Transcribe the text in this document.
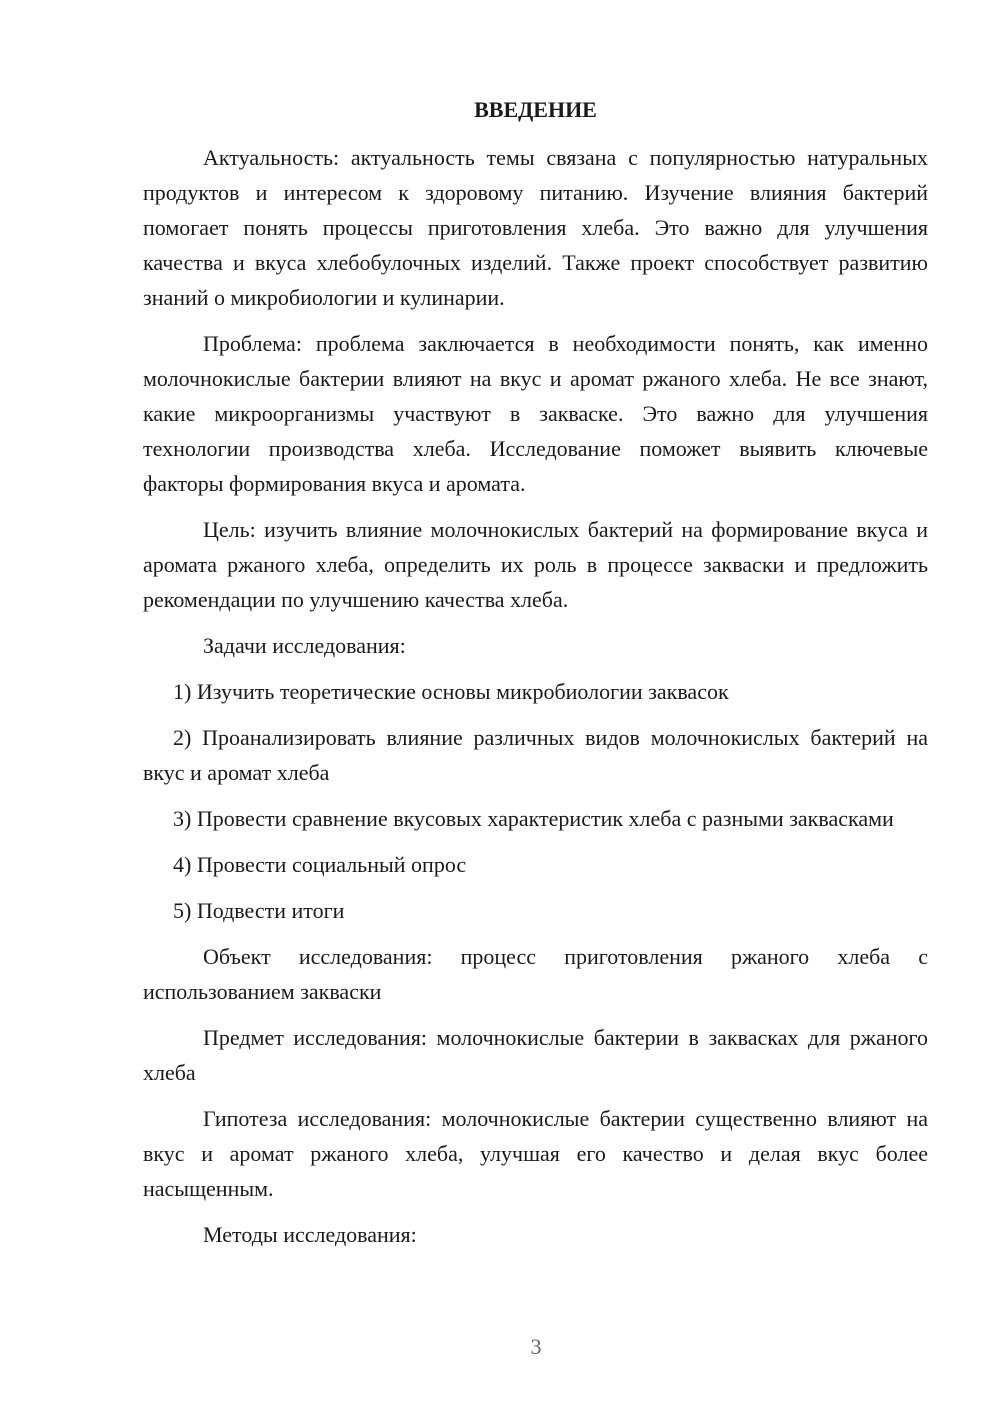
ВВЕДЕНИЕ
Актуальность: актуальность темы связана с популярностью натуральных продуктов и интересом к здоровому питанию. Изучение влияния бактерий помогает понять процессы приготовления хлеба. Это важно для улучшения качества и вкуса хлебобулочных изделий. Также проект способствует развитию знаний о микробиологии и кулинарии.
Проблема: проблема заключается в необходимости понять, как именно молочнокислые бактерии влияют на вкус и аромат ржаного хлеба. Не все знают, какие микроорганизмы участвуют в закваске. Это важно для улучшения технологии производства хлеба. Исследование поможет выявить ключевые факторы формирования вкуса и аромата.
Цель: изучить влияние молочнокислых бактерий на формирование вкуса и аромата ржаного хлеба, определить их роль в процессе закваски и предложить рекомендации по улучшению качества хлеба.
Задачи исследования:
1) Изучить теоретические основы микробиологии заквасок
2) Проанализировать влияние различных видов молочнокислых бактерий на вкус и аромат хлеба
3) Провести сравнение вкусовых характеристик хлеба с разными заквасками
4) Провести социальный опрос
5) Подвести итоги
Объект исследования: процесс приготовления ржаного хлеба с использованием закваски
Предмет исследования: молочнокислые бактерии в заквасках для ржаного хлеба
Гипотеза исследования: молочнокислые бактерии существенно влияют на вкус и аромат ржаного хлеба, улучшая его качество и делая вкус более насыщенным.
Методы исследования:
3
